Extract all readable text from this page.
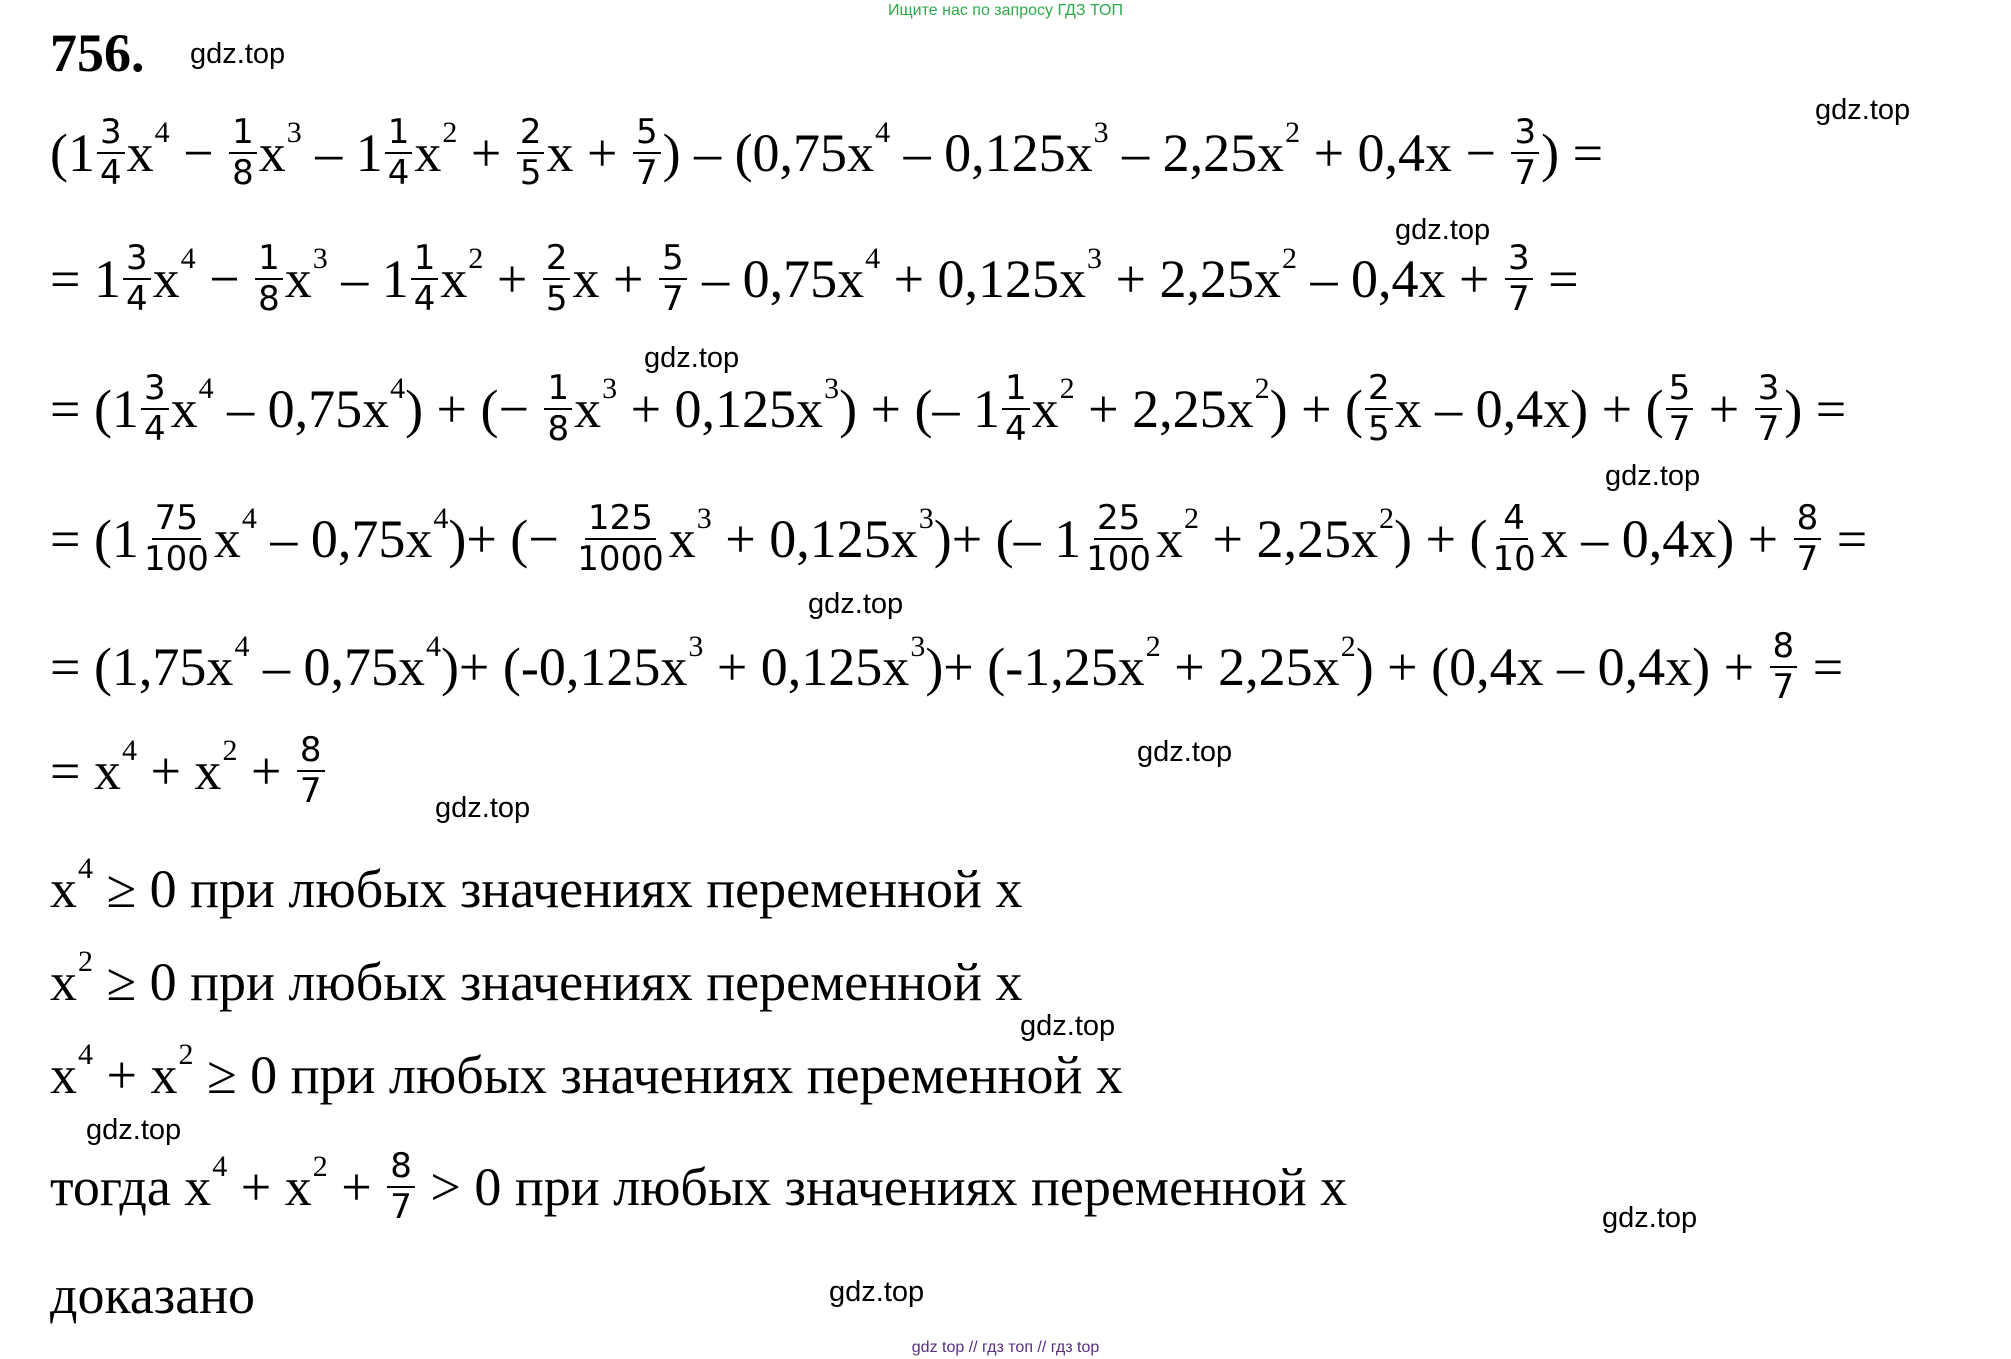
Ищите нас по запросу ГДЗ ТОП
756.
($1 \frac{3}{4}$ x $4 - \frac{1}{8}$ x $3 - 1 \frac{1}{4}$ x $2 + \frac{2}{5}$ $x + \frac{5}{7}$ ) – (0,75x 4 – 0,125x 3 – 2,25x $2 + 0,4x - \frac{3}{7}$ ) =
= $1 \frac{3}{4}$ x $4 - \frac{1}{8}$ x $3 - 1 \frac{1}{4}$ x $2 + \frac{2}{5}$ $x + \frac{5}{7} - 0,75x$ 4 + 0,125x 3 + 2,25x $2 - 0,4x + \frac{3}{7}$ =
= ($1 \frac{3}{4}$ x 4 – 0,75x 4 ) + (− $\frac{1}{8}$ x 3 + 0,125x 3 ) + (– $1 \frac{1}{4}$ x 2 + 2,25x 2 ) + ( $\frac{2}{5}$ x – 0,4x) + ( $\frac{5}{7} + \frac{3}{7}$ ) =
= ($1 \frac{75}{100}$ x 4 – 0,75x 4 )+ (− $\frac{125}{1000}$ x 3 + 0,125x 3 )+ (– $1 \frac{25}{100}$ x 2 + 2,25x 2 ) + ( $\frac{4}{10}$ $x - 0,4x) + \frac{8}{7}$ =
= (1,75x 4 – 0,75x 4 )+ (-0,125x 3 + 0,125x 3 )+ (-1,25x 2 + 2,25x 2 ) + $(0,4x - 0,4x) + \frac{8}{7}$ =
= x 4 + x $2 + \frac{8}{7}$
x 4 ≥ 0 при любых значениях переменной x
x 2 ≥ 0 при любых значениях переменной x
x 4 + x 2 ≥ 0 при любых значениях переменной x
тогда x 4 + x $2 + \frac{8}{7} > 0$ при любых значениях переменной x
доказано
gdz.top
gdz.top
gdz.top
gdz.top
gdz.top
gdz.top
gdz.top
gdz.top
gdz.top
gdz.top
gdz.top
gdz.top
gdz top // гдз топ // гдз top
